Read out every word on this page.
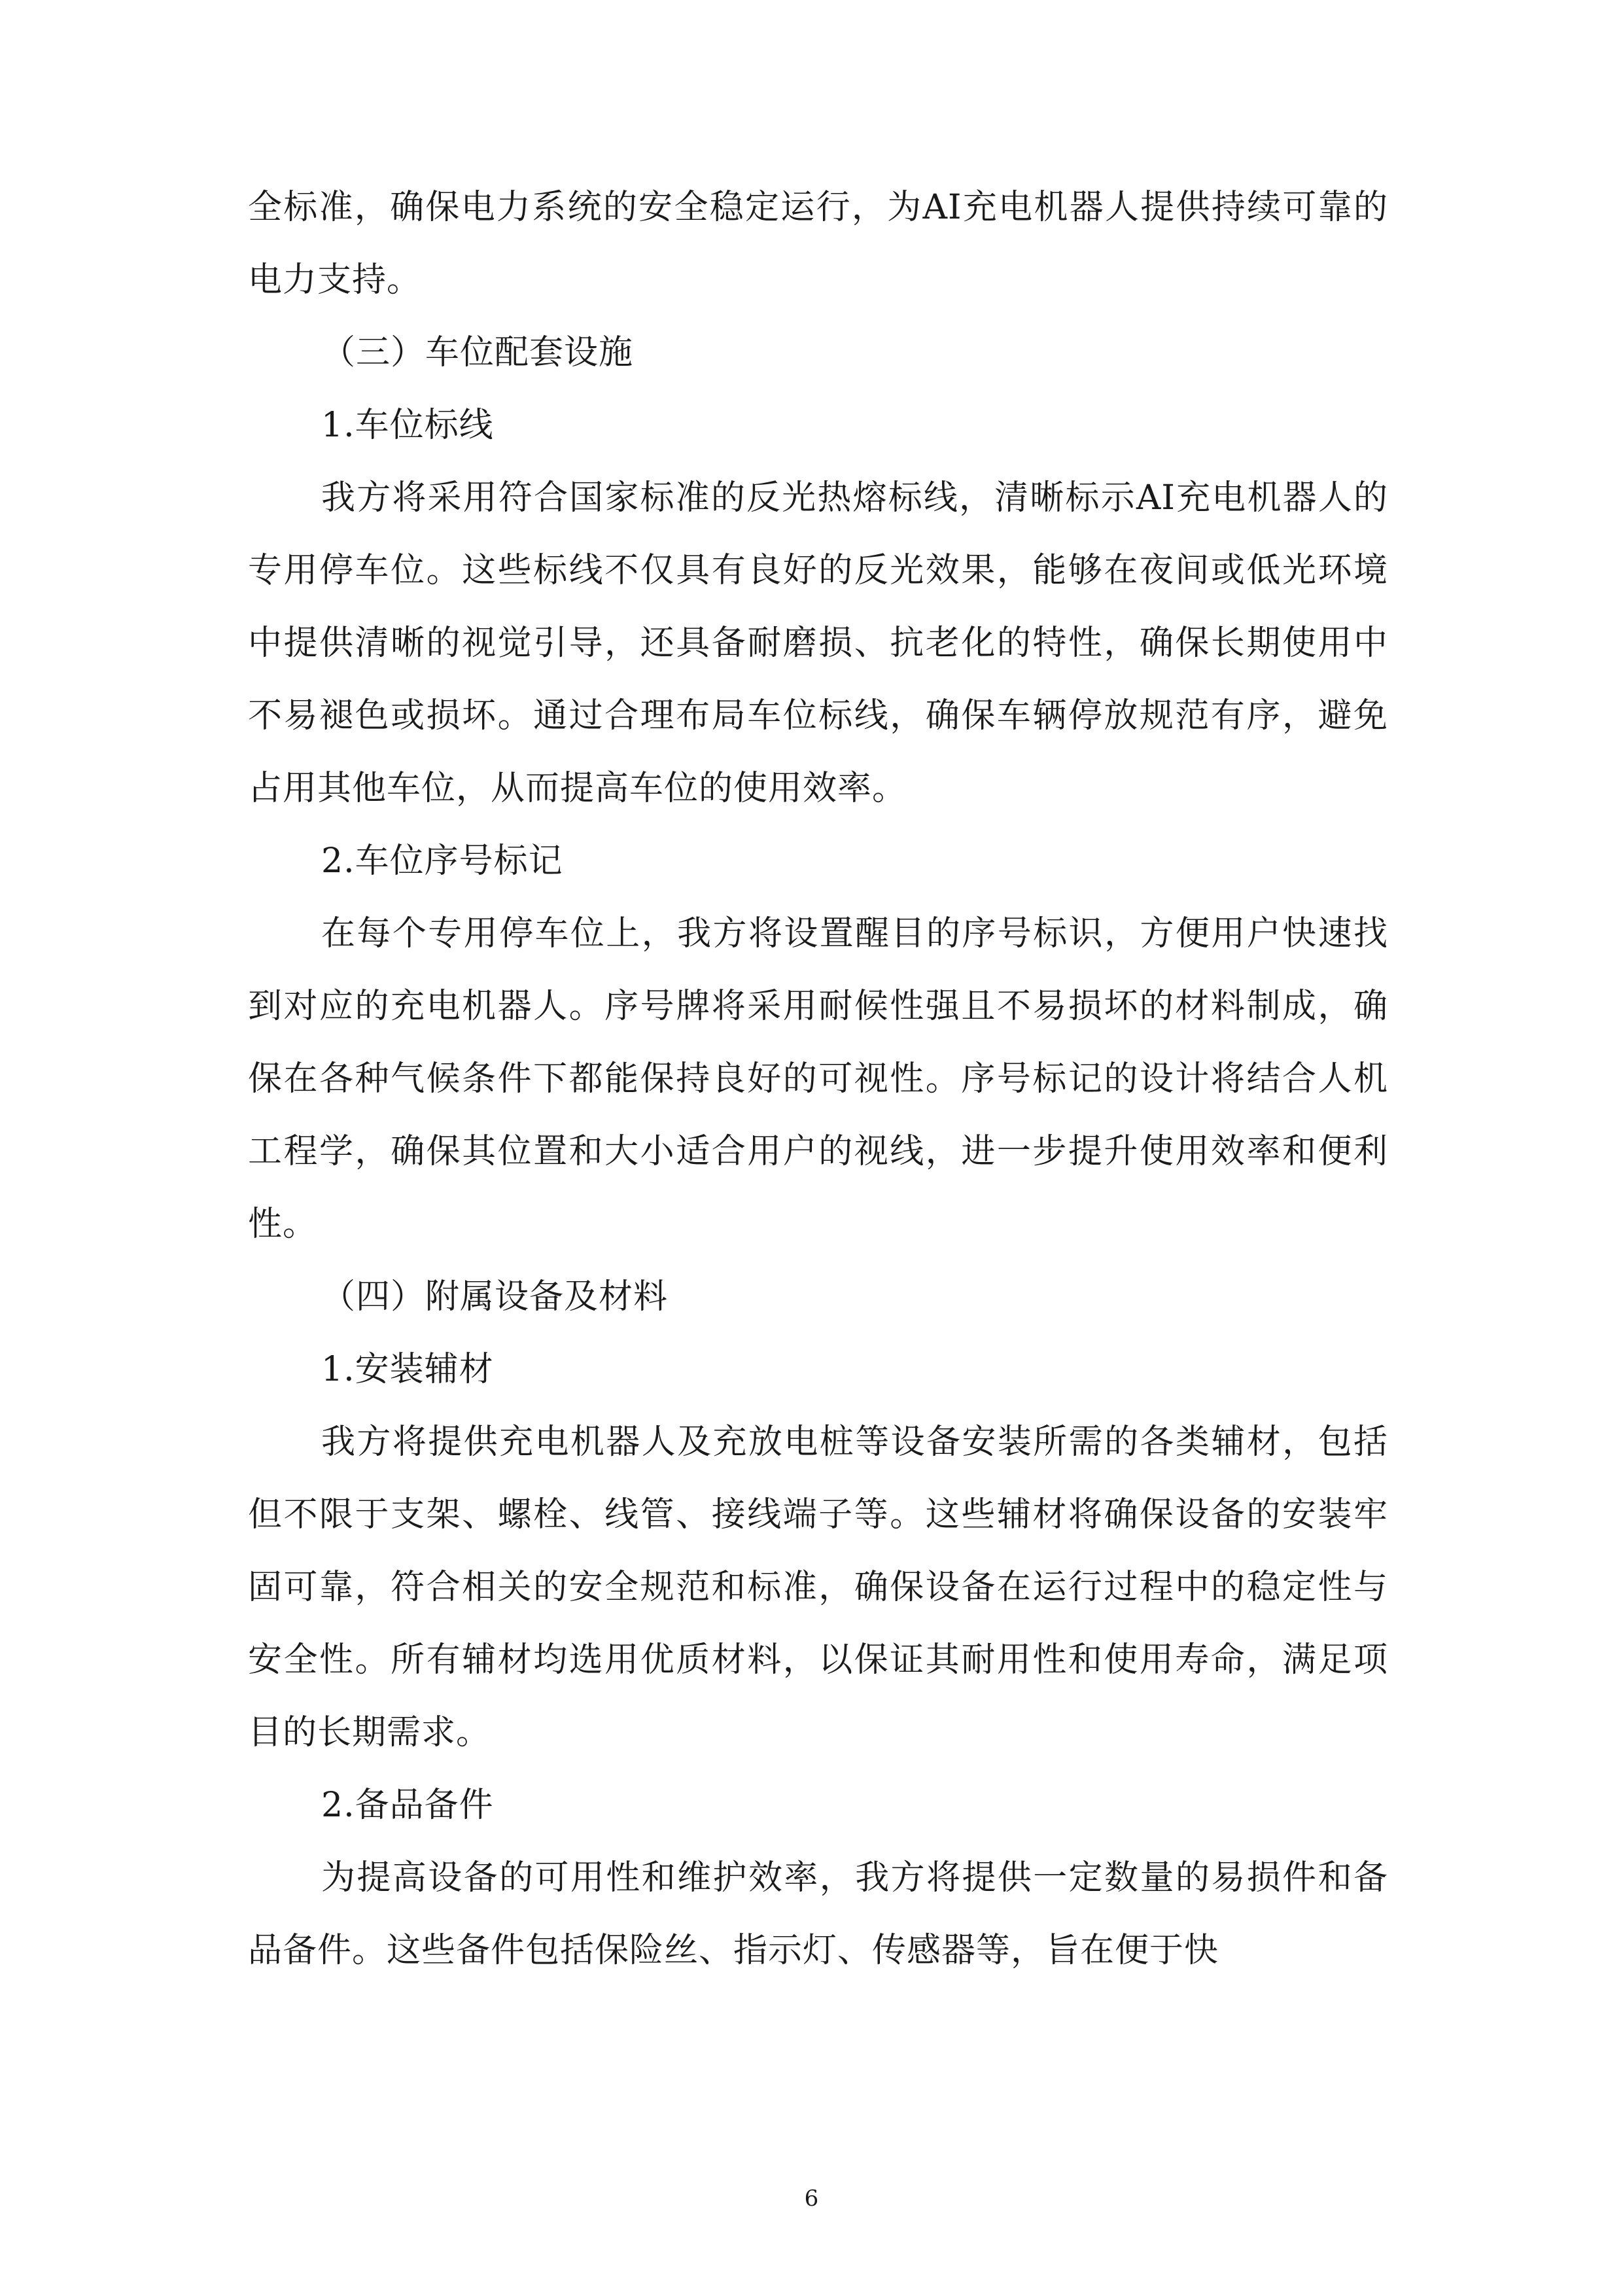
全标准，确保电力系统的安全稳定运行，为AI充电机器人提供持续可靠的电力支持。

（三）车位配套设施

1.车位标线

我方将采用符合国家标准的反光热熔标线，清晰标示AI充电机器人的专用停车位。这些标线不仅具有良好的反光效果，能够在夜间或低光环境中提供清晰的视觉引导，还具备耐磨损、抗老化的特性，确保长期使用中不易褪色或损坏。通过合理布局车位标线，确保车辆停放规范有序，避免占用其他车位，从而提高车位的使用效率。

2.车位序号标记

在每个专用停车位上，我方将设置醒目的序号标识，方便用户快速找到对应的充电机器人。序号牌将采用耐候性强且不易损坏的材料制成，确保在各种气候条件下都能保持良好的可视性。序号标记的设计将结合人机工程学，确保其位置和大小适合用户的视线，进一步提升使用效率和便利性。

（四）附属设备及材料

1.安装辅材

我方将提供充电机器人及充放电桩等设备安装所需的各类辅材，包括但不限于支架、螺栓、线管、接线端子等。这些辅材将确保设备的安装牢固可靠，符合相关的安全规范和标准，确保设备在运行过程中的稳定性与安全性。所有辅材均选用优质材料，以保证其耐用性和使用寿命，满足项目的长期需求。

2.备品备件

为提高设备的可用性和维护效率，我方将提供一定数量的易损件和备品备件。这些备件包括保险丝、指示灯、传感器等，旨在便于快

6
